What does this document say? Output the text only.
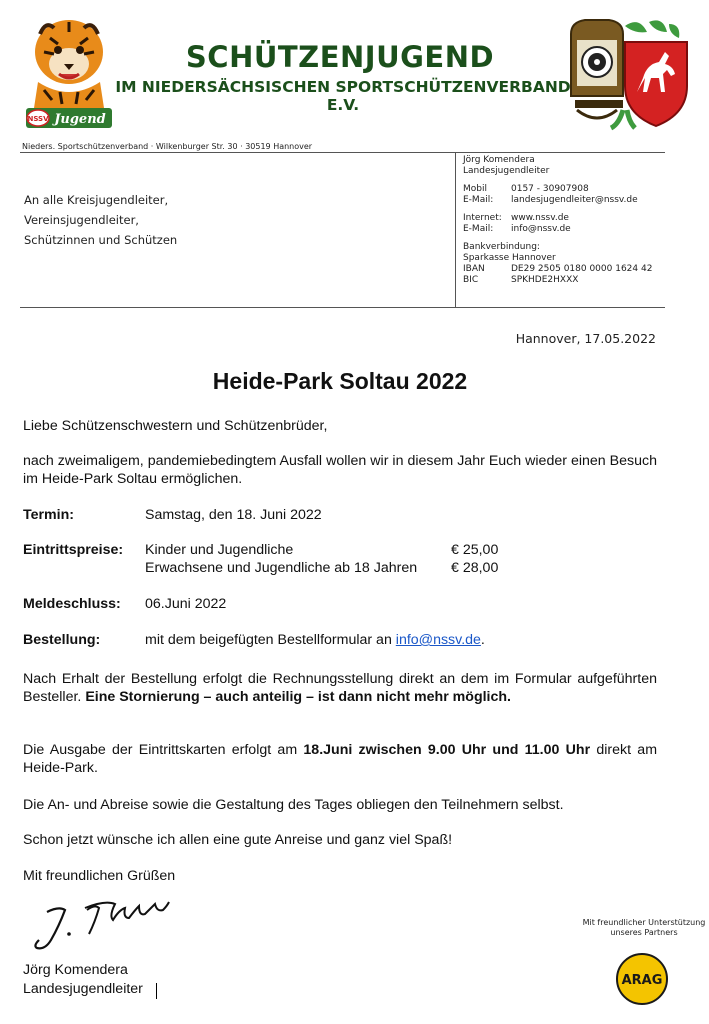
NSSV Jugend
SCHÜTZENJUGEND
IM NIEDERSÄCHSISCHEN SPORTSCHÜTZENVERBAND E.V.
Nieders. Sportschützenverband · Wilkenburger Str. 30 · 30519 Hannover
An alle Kreisjugendleiter,
Vereinsjugendleiter,
Schützinnen und Schützen
Jörg Komendera
Landesjugendleiter
Mobil	0157 - 30907908
E-Mail:	landesjugendleiter@nssv.de
Internet:	www.nssv.de
E-Mail:	info@nssv.de
Bankverbindung:
Sparkasse Hannover
IBAN	DE29 2505 0180 0000 1624 42
BIC	SPKHDE2HXXX
Hannover, 17.05.2022
Heide-Park Soltau 2022
Liebe Schützenschwestern und Schützenbrüder,
nach zweimaligem, pandemiebedingtem Ausfall wollen wir in diesem Jahr Euch wieder einen Besuch im Heide-Park Soltau ermöglichen.
Termin:	Samstag, den 18. Juni 2022
Eintrittspreise: Kinder und Jugendliche	€ 25,00
Erwachsene und Jugendliche ab 18 Jahren € 28,00
Meldeschluss: 06.Juni 2022
Bestellung:	mit dem beigefügten Bestellformular an info@nssv.de.
Nach Erhalt der Bestellung erfolgt die Rechnungsstellung direkt an dem im Formular aufgeführten Besteller. Eine Stornierung – auch anteilig – ist dann nicht mehr möglich.
Die Ausgabe der Eintrittskarten erfolgt am 18.Juni zwischen 9.00 Uhr und 11.00 Uhr direkt am Heide-Park.
Die An- und Abreise sowie die Gestaltung des Tages obliegen den Teilnehmern selbst.
Schon jetzt wünsche ich allen eine gute Anreise und ganz viel Spaß!
Mit freundlichen Grüßen
Jörg Komendera
Landesjugendleiter
Mit freundlicher Unterstützung
unseres Partners
ARAG
